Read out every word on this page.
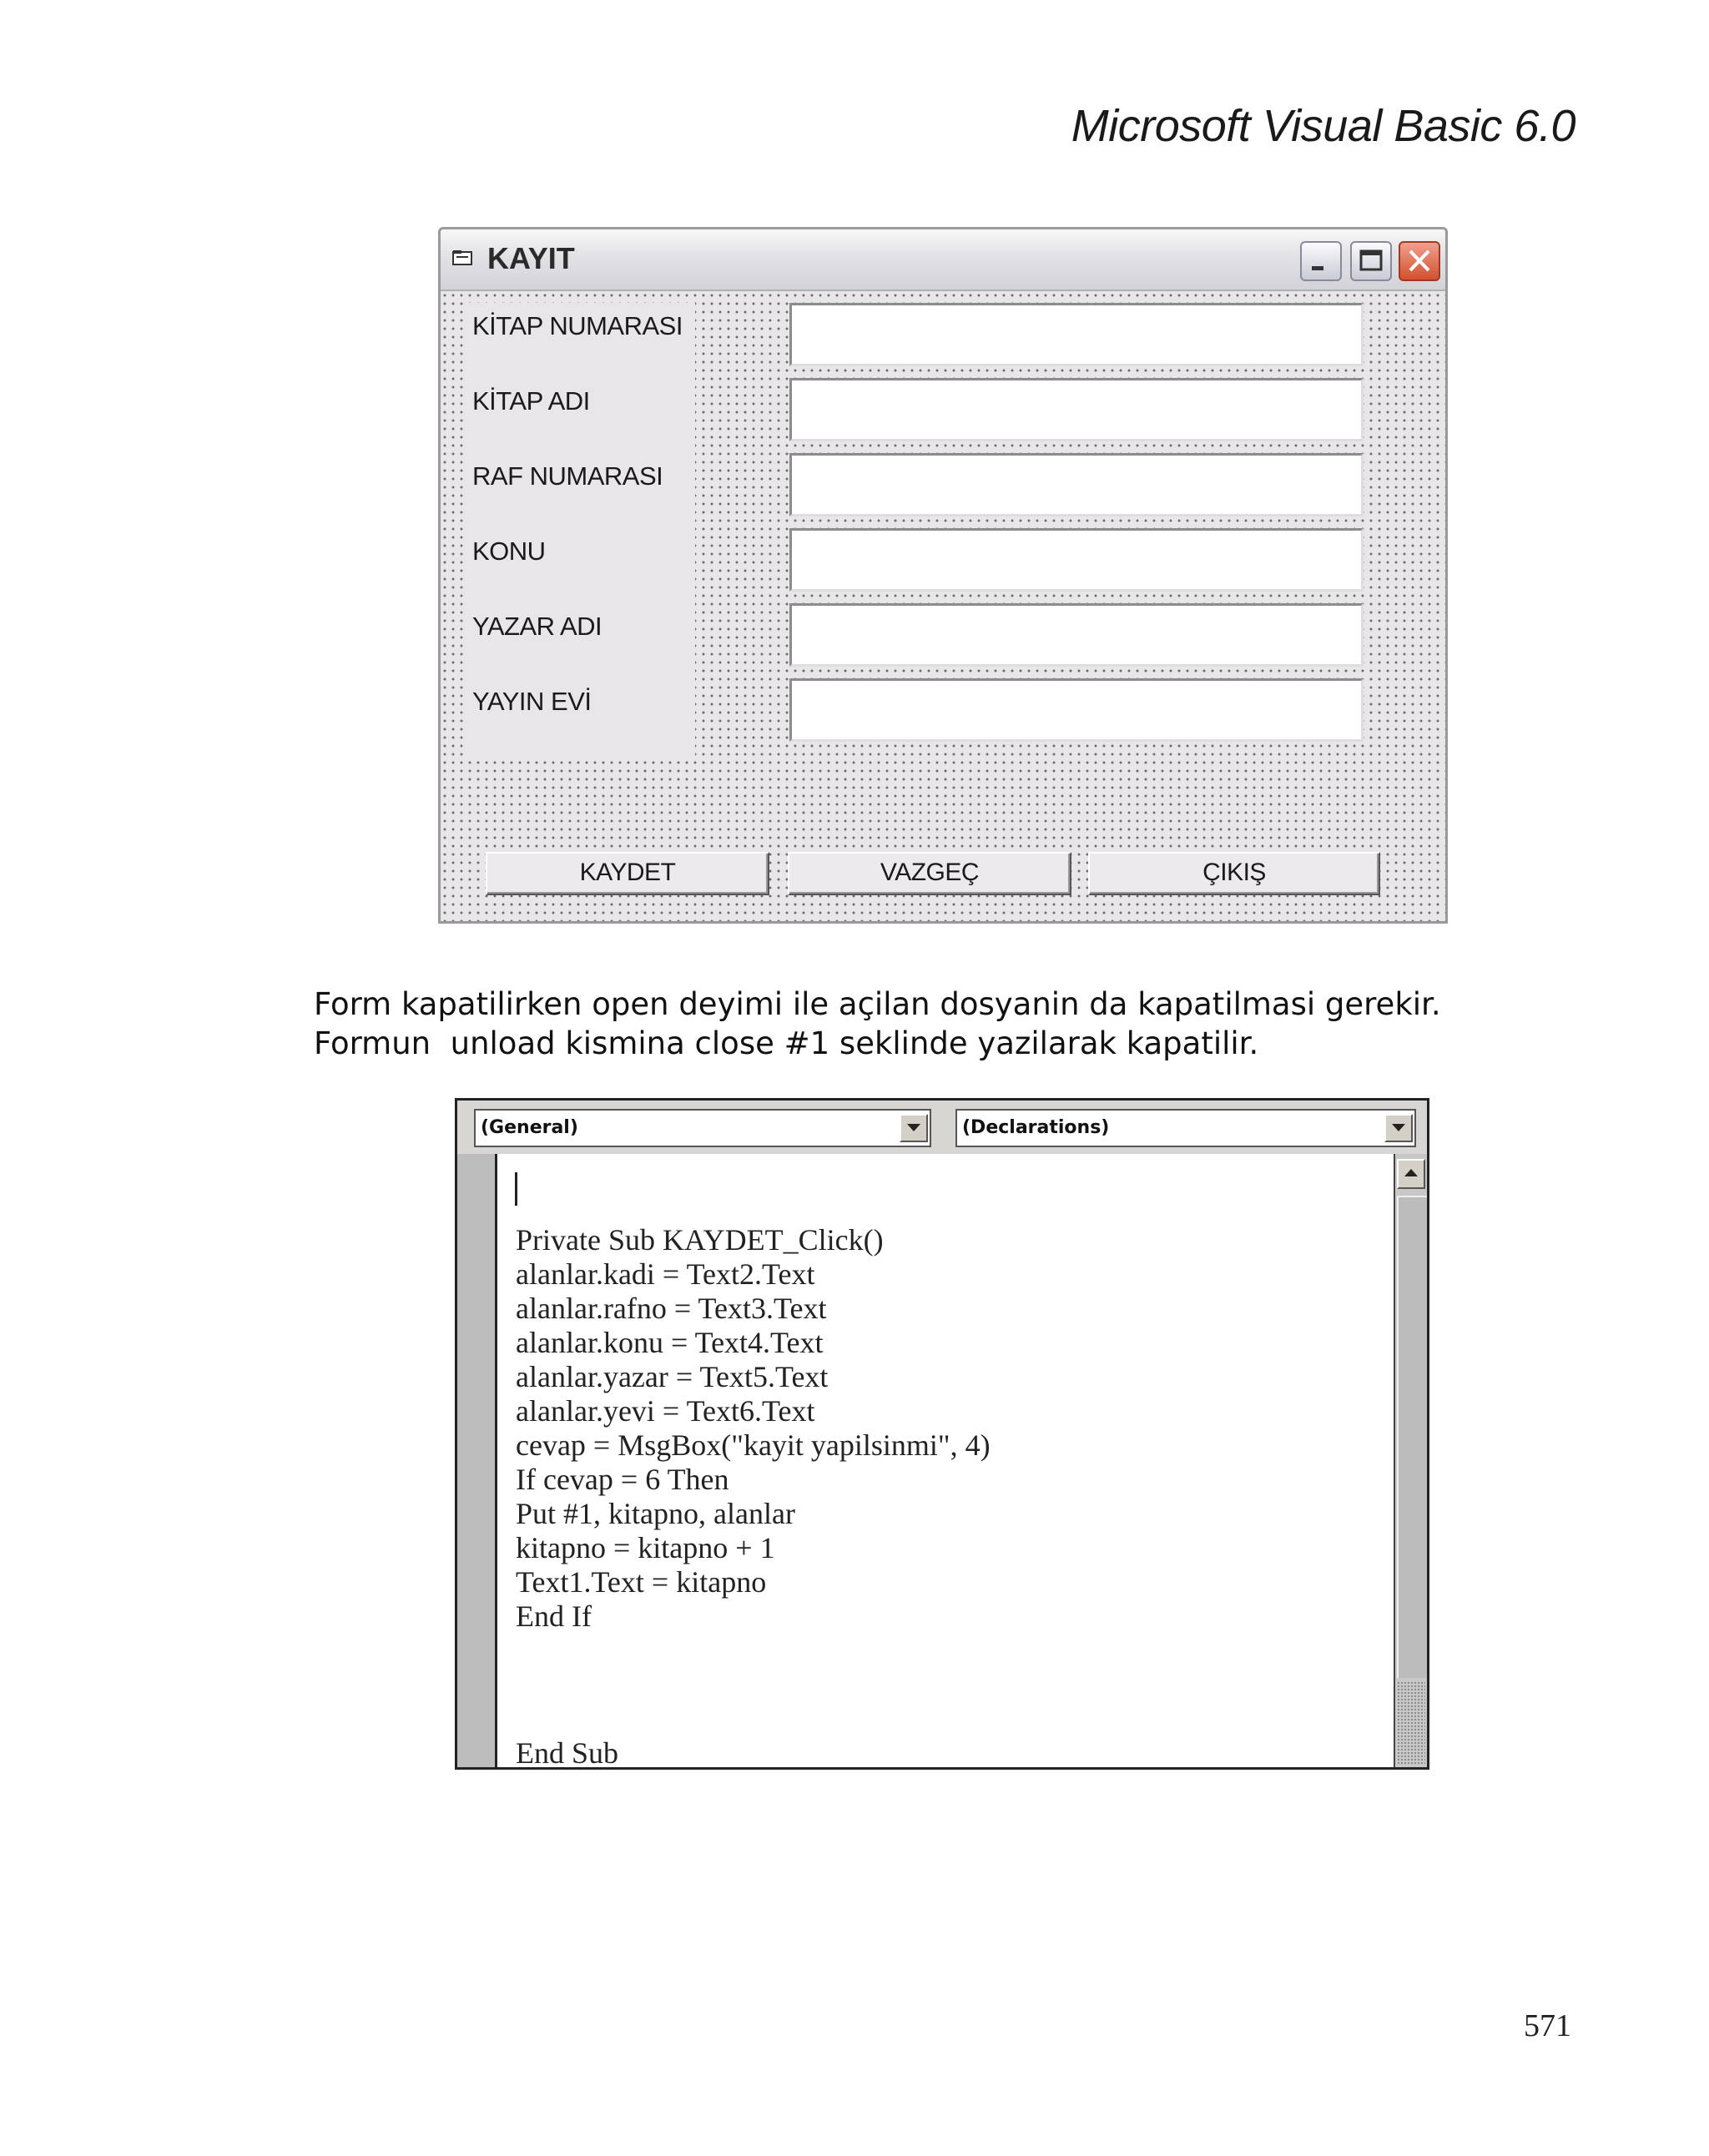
Microsoft Visual Basic 6.0
KAYIT
KİTAP NUMARASI
KİTAP ADI
RAF NUMARASI
KONU
YAZAR ADI
YAYIN EVİ
KAYDET	VAZGEÇ	ÇIKIŞ
Form kapatilirken open deyimi ile açilan dosyanin da kapatilmasi gerekir.
Formun  unload kismina close #1 seklinde yazilarak kapatilir.
(General)	(Declarations)
Private Sub KAYDET_Click()
alanlar.kadi = Text2.Text
alanlar.rafno = Text3.Text
alanlar.konu = Text4.Text
alanlar.yazar = Text5.Text
alanlar.yevi = Text6.Text
cevap = MsgBox("kayit yapilsinmi", 4)
If cevap = 6 Then
Put #1, kitapno, alanlar
kitapno = kitapno + 1
Text1.Text = kitapno
End If
End Sub
571
